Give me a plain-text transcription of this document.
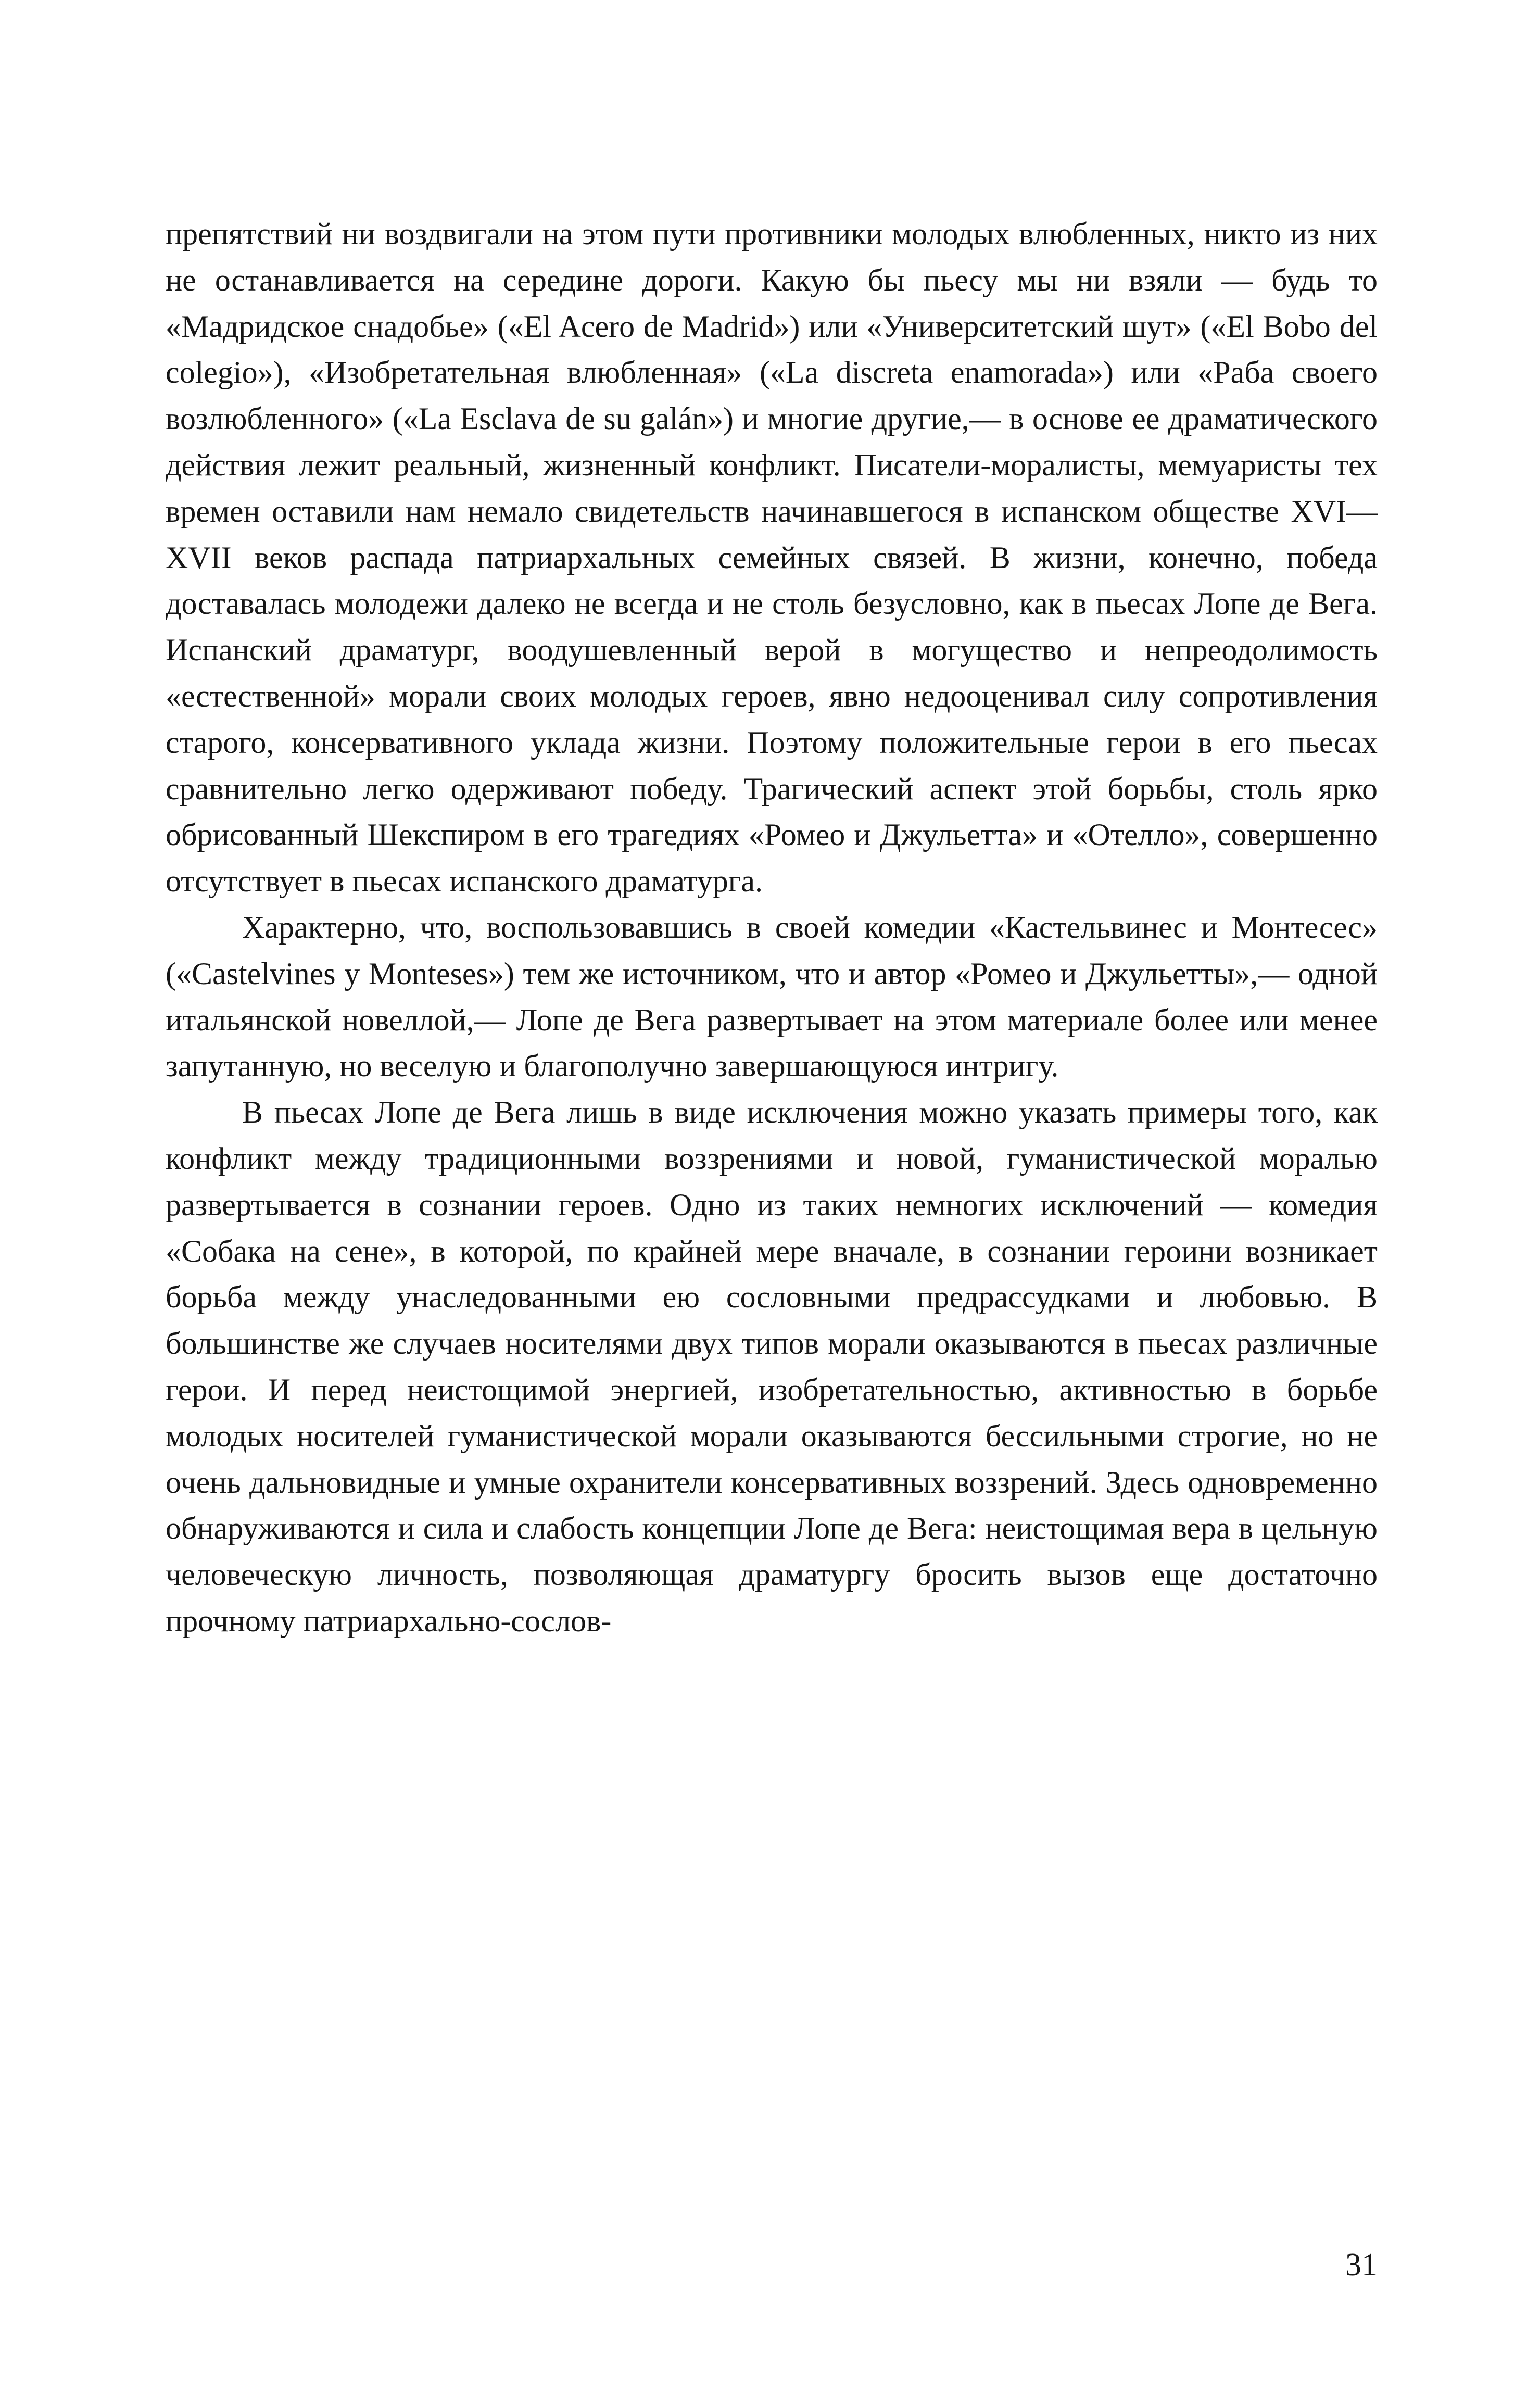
препятствий ни воздвигали на этом пути противники молодых влюбленных, никто из них не останавливается на середине дороги. Какую бы пьесу мы ни взяли — будь то «Мадридское снадобье» («El Acero de Madrid») или «Университетский шут» («El Bobo del colegio»), «Изобретательная влюбленная» («La discreta enamorada») или «Раба своего возлюбленного» («La Esclava de su galán») и многие другие,— в основе ее драматического действия лежит реальный, жизненный конфликт. Писатели-моралисты, мемуаристы тех времен оставили нам немало свидетельств начинавшегося в испанском обществе XVI—XVII веков распада патриархальных семейных связей. В жизни, конечно, победа доставалась молодежи далеко не всегда и не столь безусловно, как в пьесах Лопе де Вега. Испанский драматург, воодушевленный верой в могущество и непреодолимость «естественной» морали своих молодых героев, явно недооценивал силу сопротивления старого, консервативного уклада жизни. Поэтому положительные герои в его пьесах сравнительно легко одерживают победу. Трагический аспект этой борьбы, столь ярко обрисованный Шекспиром в его трагедиях «Ромео и Джульетта» и «Отелло», совершенно отсутствует в пьесах испанского драматурга.

Характерно, что, воспользовавшись в своей комедии «Кастельвинес и Монтесес» («Castelvines y Monteses») тем же источником, что и автор «Ромео и Джульетты»,— одной итальянской новеллой,— Лопе де Вега развертывает на этом материале более или менее запутанную, но веселую и благополучно завершающуюся интригу.

В пьесах Лопе де Вега лишь в виде исключения можно указать примеры того, как конфликт между традиционными воззрениями и новой, гуманистической моралью развертывается в сознании героев. Одно из таких немногих исключений — комедия «Собака на сене», в которой, по крайней мере вначале, в сознании героини возникает борьба между унаследованными ею сословными предрассудками и любовью. В большинстве же случаев носителями двух типов морали оказываются в пьесах различные герои. И перед неистощимой энергией, изобретательностью, активностью в борьбе молодых носителей гуманистической морали оказываются бессильными строгие, но не очень дальновидные и умные охранители консервативных воззрений. Здесь одновременно обнаруживаются и сила и слабость концепции Лопе де Вега: неистощимая вера в цельную человеческую личность, позволяющая драматургу бросить вызов еще достаточно прочному патриархально-сослов-

31
